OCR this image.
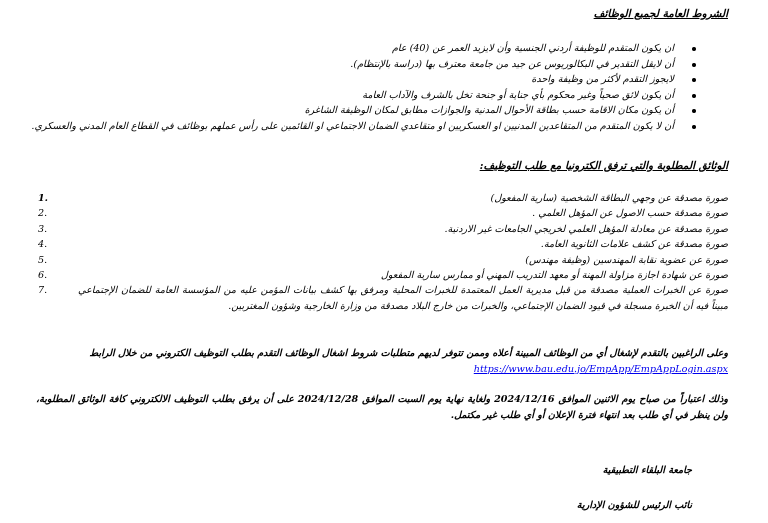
الشروط العامة لجميع الوظائف
ان يكون المتقدم للوظيفة أردني الجنسية وأن لايزيد العمر عن (40) عام
أن لايقل التقدير في البكالوريوس عن جيد من جامعة معترف بها (دراسة بالإنتظام).
لايجوز التقدم لأكثر من وظيفة واحدة
أن يكون لائق صحياً وغير محكوم بأي جناية أو جنحة تخل بالشرف والآداب العامة
أن يكون مكان الاقامة حسب بطاقة الأحوال المدنية والجوازات مطابق لمكان الوظيفة الشاغرة
أن لا يكون المتقدم من المتقاعدين المدنيين او العسكريين او متقاعدي الضمان الاجتماعي او القائمين على رأس عملهم بوظائف في القطاع العام المدني والعسكري.
الوثائق المطلوبة والتي ترفق الكترونيا مع طلب التوظيف:
1.	صورة مصدقة عن وجهي البطاقة الشخصية (سارية المفعول)
2.	صورة مصدقة حسب الاصول عن المؤهل العلمي .
3.	صورة مصدقة عن معادلة المؤهل العلمي لخريجي الجامعات غير الاردنية.
4.	صورة مصدقة عن كشف علامات الثانوية العامة.
5.	صورة عن عضوية نقابة المهندسين (وظيفة مهندس)
6.	صورة عن شهادة اجازة مزاولة المهنة أو معهد التدريب المهني أو ممارس سارية المفعول
7.	صورة عن الخبرات العملية مصدقة من قبل مديرية العمل المعتمدة للخبرات المحلية ومرفق بها كشف بيانات المؤمن عليه من المؤسسة العامة للضمان الإجتماعي مبيناً فيه أن الخبرة مسجلة في قيود الضمان الإجتماعي، والخبرات من خارج البلاد مصدقة من وزارة الخارجية وشؤون المغتربين.
وعلى الراغبين بالتقدم لإشغال أي من الوظائف المبينة أعلاه وممن تتوفر لديهم متطلبات شروط اشغال الوظائف التقدم بطلب التوظيف الكتروني من خلال الرابط
https://www.bau.edu.jo/EmpApp/EmpAppLogin.aspx
وذلك اعتباراً من صباح يوم الاثنين الموافق 2024/12/16 ولغاية نهاية يوم السبت الموافق 2024/12/28 على أن يرفق بطلب التوظيف الالكتروني كافة الوثائق المطلوبة، ولن ينظر في أي طلب بعد انتهاء فترة الإعلان أو أي طلب غير مكتمل.
جامعة البلقاء التطبيقية
نائب الرئيس للشؤون الإدارية
